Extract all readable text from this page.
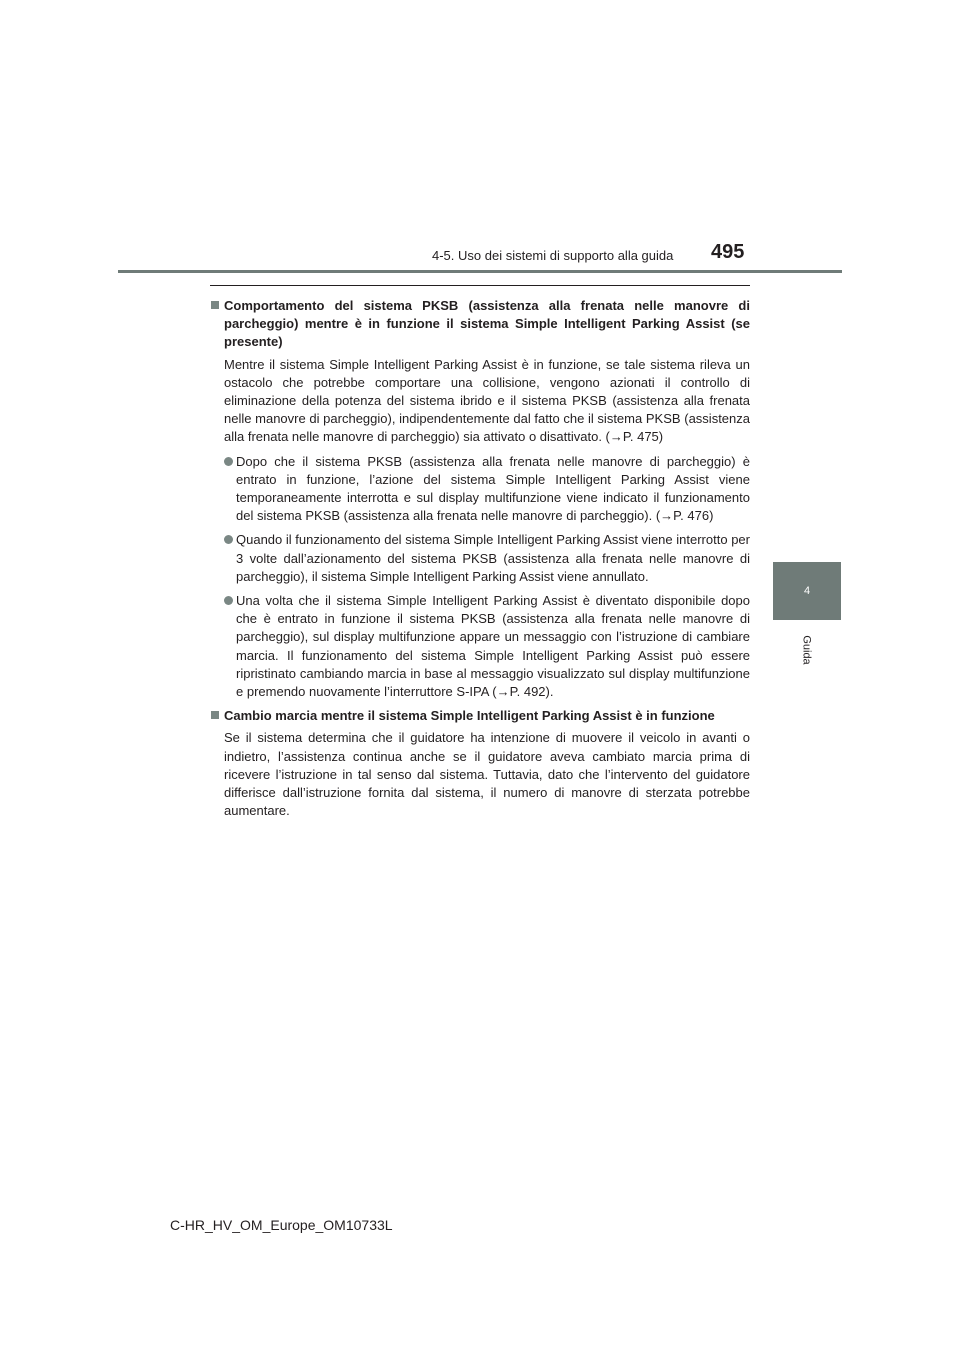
4-5. Uso dei sistemi di supporto alla guida	495
4
Guida
Comportamento del sistema PKSB (assistenza alla frenata nelle manovre di parcheggio) mentre è in funzione il sistema Simple Intelligent Parking Assist (se presente)

Mentre il sistema Simple Intelligent Parking Assist è in funzione, se tale sistema rileva un ostacolo che potrebbe comportare una collisione, vengono azionati il controllo di eliminazione della potenza del sistema ibrido e il sistema PKSB (assistenza alla frenata nelle manovre di parcheggio), indipendentemente dal fatto che il sistema PKSB (assistenza alla frenata nelle manovre di parcheggio) sia attivato o disattivato. (→P. 475)

Dopo che il sistema PKSB (assistenza alla frenata nelle manovre di parcheggio) è entrato in funzione, l’azione del sistema Simple Intelligent Parking Assist viene temporaneamente interrotta e sul display multifunzione viene indicato il funzionamento del sistema PKSB (assistenza alla frenata nelle manovre di parcheggio). (→P. 476)
Quando il funzionamento del sistema Simple Intelligent Parking Assist viene interrotto per 3 volte dall’azionamento del sistema PKSB (assistenza alla frenata nelle manovre di parcheggio), il sistema Simple Intelligent Parking Assist viene annullato.
Una volta che il sistema Simple Intelligent Parking Assist è diventato disponibile dopo che è entrato in funzione il sistema PKSB (assistenza alla frenata nelle manovre di parcheggio), sul display multifunzione appare un messaggio con l’istruzione di cambiare marcia. Il funzionamento del sistema Simple Intelligent Parking Assist può essere ripristinato cambiando marcia in base al messaggio visualizzato sul display multifunzione e premendo nuovamente l’interruttore S-IPA (→P. 492).
Cambio marcia mentre il sistema Simple Intelligent Parking Assist è in funzione

Se il sistema determina che il guidatore ha intenzione di muovere il veicolo in avanti o indietro, l’assistenza continua anche se il guidatore aveva cambiato marcia prima di ricevere l’istruzione in tal senso dal sistema. Tuttavia, dato che l’intervento del guidatore differisce dall’istruzione fornita dal sistema, il numero di manovre di sterzata potrebbe aumentare.

C-HR_HV_OM_Europe_OM10733L
